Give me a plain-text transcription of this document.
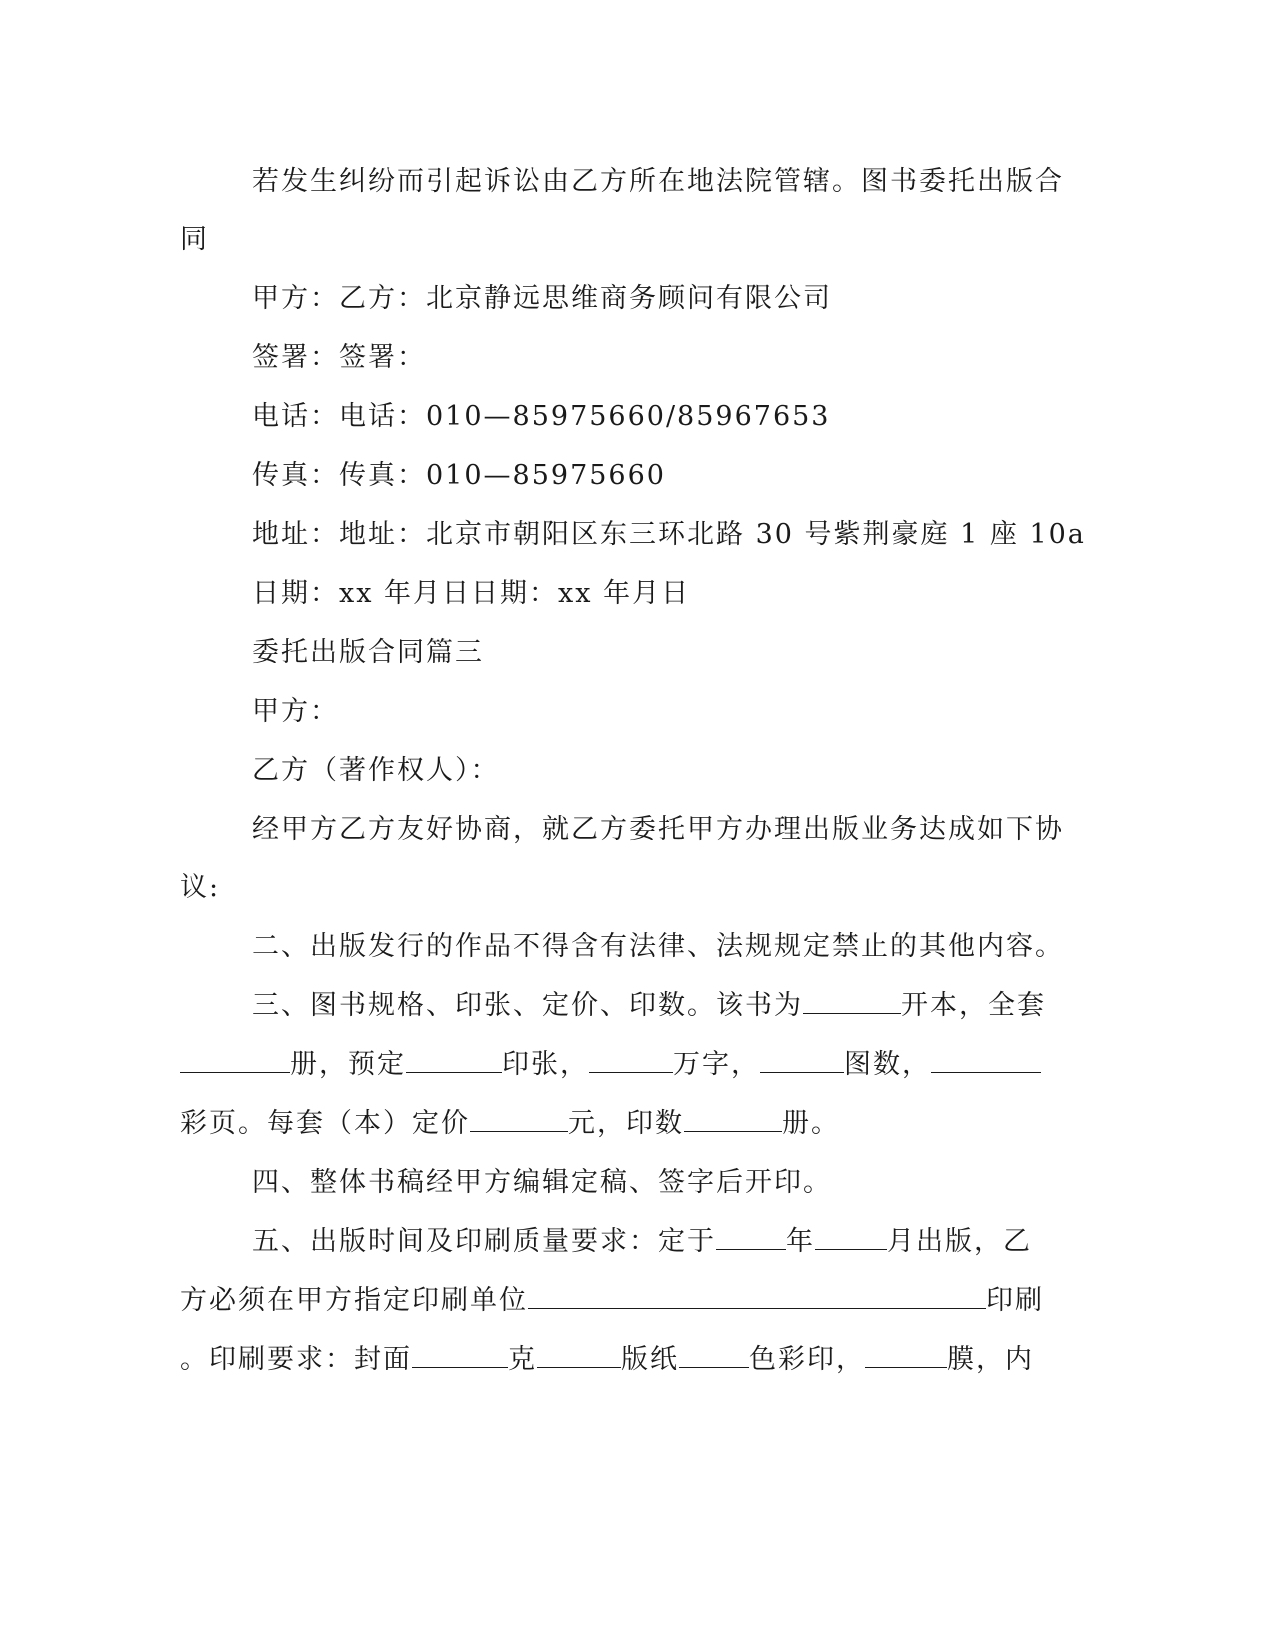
若发生纠纷而引起诉讼由乙方所在地法院管辖。图书委托出版合
同
甲方：乙方：北京静远思维商务顾问有限公司
签署：签署：
电话：电话：010—85975660/85967653
传真：传真：010—85975660
地址：地址：北京市朝阳区东三环北路 30 号紫荆豪庭 1 座 10a
日期：xx 年月日日期：xx 年月日
委托出版合同篇三
甲方：
乙方（著作权人）：
经甲方乙方友好协商，就乙方委托甲方办理出版业务达成如下协
议:
二、出版发行的作品不得含有法律、法规规定禁止的其他内容。
三、图书规格、印张、定价、印数。该书为	开本，全套
册，预定	印张，	万字，	图数，
彩页。每套（本）定价	元，印数	册。
四、整体书稿经甲方编辑定稿、签字后开印。
五、出版时间及印刷质量要求：定于	年	月出版，乙
方必须在甲方指定印刷单位	印刷
。印刷要求：封面	克	版纸	色彩印，	膜，内
